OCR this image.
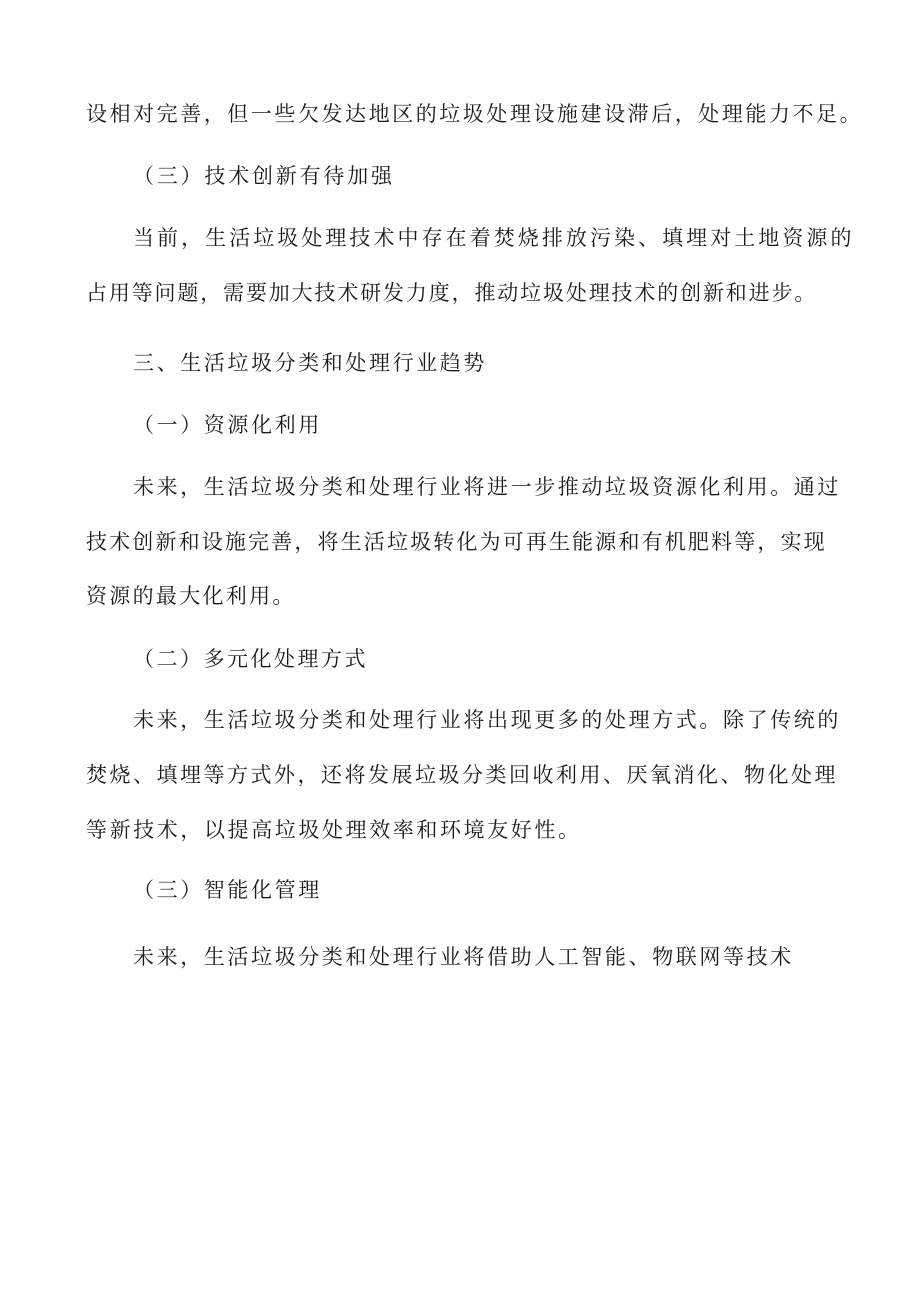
设相对完善，但一些欠发达地区的垃圾处理设施建设滞后，处理能力不足。
（三）技术创新有待加强
当前，生活垃圾处理技术中存在着焚烧排放污染、填埋对土地资源的
占用等问题，需要加大技术研发力度，推动垃圾处理技术的创新和进步。
三、生活垃圾分类和处理行业趋势
（一）资源化利用
未来，生活垃圾分类和处理行业将进一步推动垃圾资源化利用。通过
技术创新和设施完善，将生活垃圾转化为可再生能源和有机肥料等，实现
资源的最大化利用。
（二）多元化处理方式
未来，生活垃圾分类和处理行业将出现更多的处理方式。除了传统的
焚烧、填埋等方式外，还将发展垃圾分类回收利用、厌氧消化、物化处理
等新技术，以提高垃圾处理效率和环境友好性。
（三）智能化管理
未来，生活垃圾分类和处理行业将借助人工智能、物联网等技术
